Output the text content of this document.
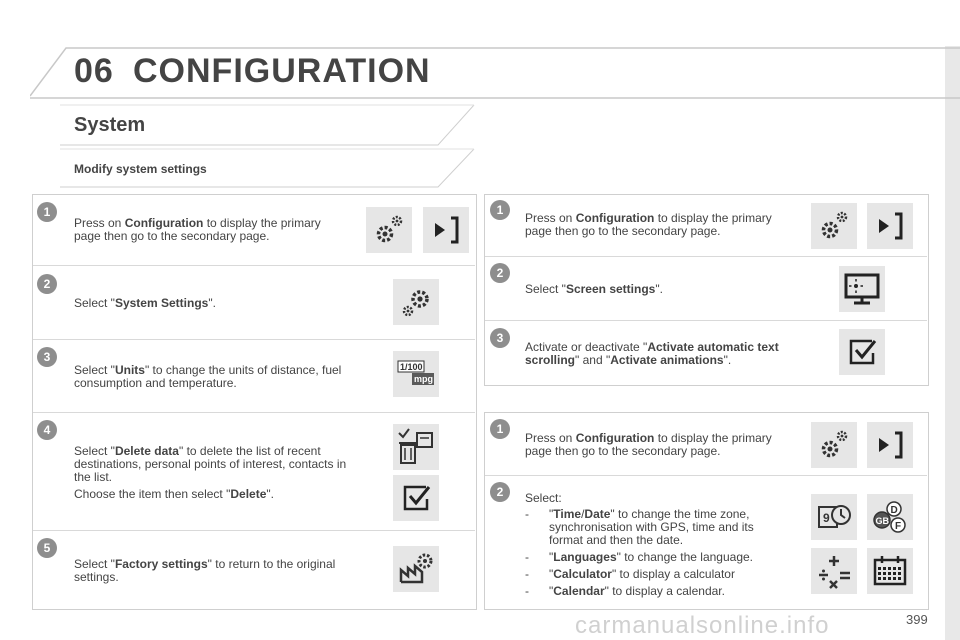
06 CONFIGURATION
System
Modify system settings
1
Press on Configuration to display the primary page then go to the secondary page.
2
Select "System Settings".
3
Select "Units" to change the units of distance, fuel consumption and temperature.
1/100
mpg
4
Select "Delete data" to delete the list of recent destinations, personal points of interest, contacts in the list.
Choose the item then select "Delete".
5
Select "Factory settings" to return to the original settings.
1
Press on Configuration to display the primary page then go to the secondary page.
2
Select "Screen settings".
3
Activate or deactivate "Activate automatic text scrolling" and "Activate animations".
1
Press on Configuration to display the primary page then go to the secondary page.
2	Select:

- "Time/Date" to change the time zone, synchronisation with GPS, time and its format and then the date.

- "Languages" to change the language.

- "Calculator" to display a calculator

- "Calendar" to display a calendar.

9
D
GB F
carmanualsonline.info	399
